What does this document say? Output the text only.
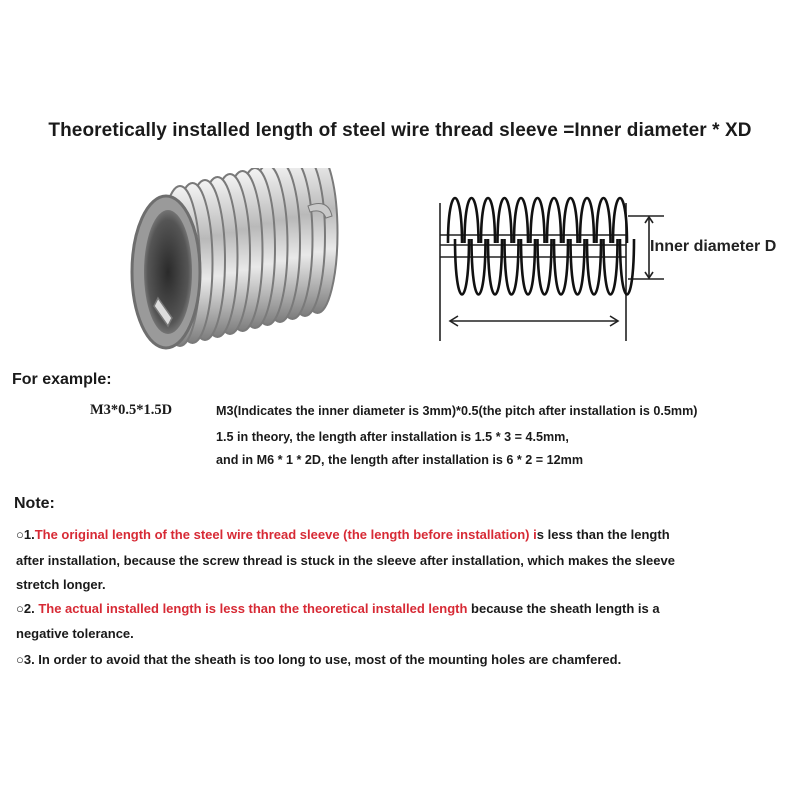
Theoretically installed length of steel wire thread sleeve =Inner diameter * XD
Inner diameter D
For example:
M3*0.5*1.5D	M3(Indicates the inner diameter is 3mm)*0.5(the pitch after installation is 0.5mm)
1.5 in theory, the length after installation is 1.5 * 3 = 4.5mm,
and in M6 * 1 * 2D, the length after installation is 6 * 2 = 12mm
Note:
○1.The original length of the steel wire thread sleeve (the length before installation) is less than the length
after installation, because the screw thread is stuck in the sleeve after installation, which makes the sleeve
stretch longer.
○2. The actual installed length is less than the theoretical installed length because the sheath length is a
negative tolerance.
○3. In order to avoid that the sheath is too long to use, most of the mounting holes are chamfered.
